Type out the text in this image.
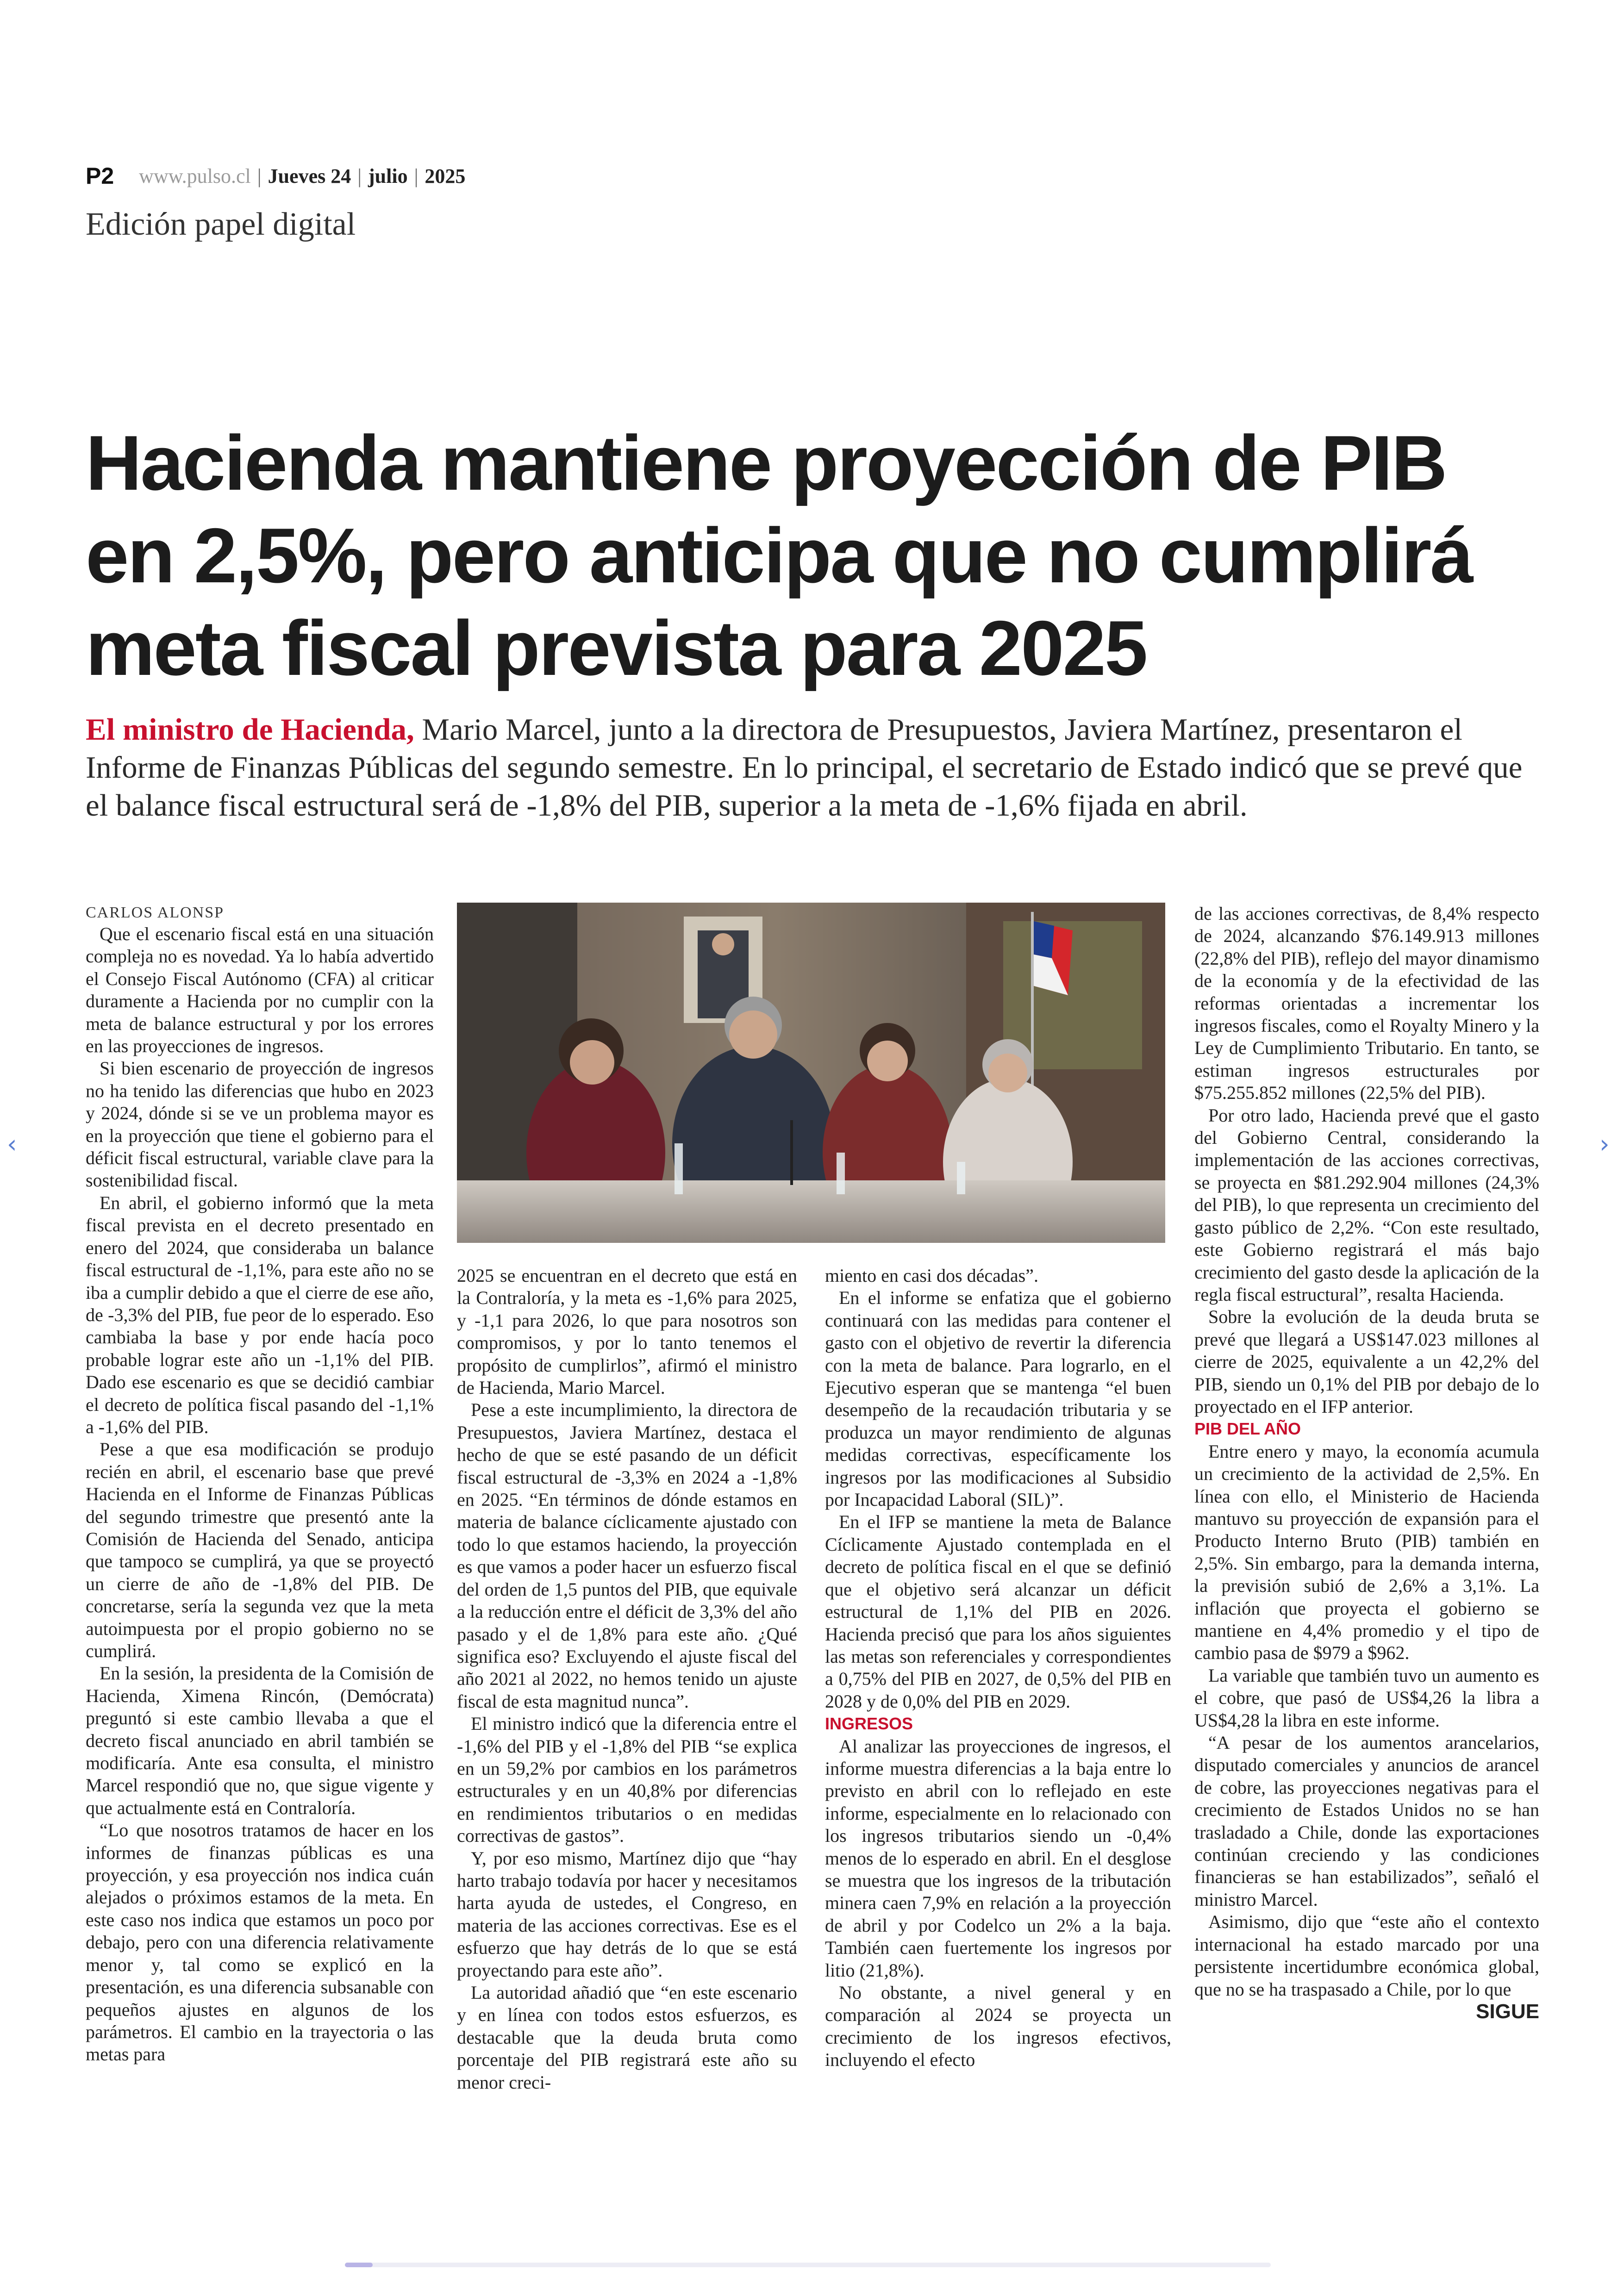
P2 www.pulso.cl | Jueves 24 | julio | 2025
Edición papel digital
Hacienda mantiene proyección de PIB en 2,5%, pero anticipa que no cumplirá meta fiscal prevista para 2025

El ministro de Hacienda, Mario Marcel, junto a la directora de Presupuestos, Javiera Martínez, presentaron el Informe de Finanzas Públicas del segundo semestre. En lo principal, el secretario de Estado indicó que se prevé que el balance fiscal estructural será de -1,8% del PIB, superior a la meta de -1,6% fijada en abril.

CARLOS ALONSP

Que el escenario fiscal está en una situación compleja no es novedad. Ya lo había advertido el Consejo Fiscal Autónomo (CFA) al criticar duramente a Hacienda por no cumplir con la meta de balance estructural y por los errores en las proyecciones de ingresos.

Si bien escenario de proyección de ingresos no ha tenido las diferencias que hubo en 2023 y 2024, dónde si se ve un problema mayor es en la proyección que tiene el gobierno para el déficit fiscal estructural, variable clave para la sostenibilidad fiscal.

En abril, el gobierno informó que la meta fiscal prevista en el decreto presentado en enero del 2024, que consideraba un balance fiscal estructural de -1,1%, para este año no se iba a cumplir debido a que el cierre de ese año, de -3,3% del PIB, fue peor de lo esperado. Eso cambiaba la base y por ende hacía poco probable lograr este año un -1,1% del PIB. Dado ese escenario es que se decidió cambiar el decreto de política fiscal pasando del -1,1% a -1,6% del PIB.

Pese a que esa modificación se produjo recién en abril, el escenario base que prevé Hacienda en el Informe de Finanzas Públicas del segundo trimestre que presentó ante la Comisión de Hacienda del Senado, anticipa que tampoco se cumplirá, ya que se proyectó un cierre de año de -1,8% del PIB. De concretarse, sería la segunda vez que la meta autoimpuesta por el propio gobierno no se cumplirá.

En la sesión, la presidenta de la Comisión de Hacienda, Ximena Rincón, (Demócrata) preguntó si este cambio llevaba a que el decreto fiscal anunciado en abril también se modificaría. Ante esa consulta, el ministro Marcel respondió que no, que sigue vigente y que actualmente está en Contraloría.

“Lo que nosotros tratamos de hacer en los informes de finanzas públicas es una proyección, y esa proyección nos indica cuán alejados o próximos estamos de la meta. En este caso nos indica que estamos un poco por debajo, pero con una diferencia relativamente menor y, tal como se explicó en la presentación, es una diferencia subsanable con pequeños ajustes en algunos de los parámetros. El cambio en la trayectoria o las metas para

2025 se encuentran en el decreto que está en la Contraloría, y la meta es -1,6% para 2025, y -1,1 para 2026, lo que para nosotros son compromisos, y por lo tanto tenemos el propósito de cumplirlos”, afirmó el ministro de Hacienda, Mario Marcel.

Pese a este incumplimiento, la directora de Presupuestos, Javiera Martínez, destaca el hecho de que se esté pasando de un déficit fiscal estructural de -3,3% en 2024 a -1,8% en 2025. “En términos de dónde estamos en materia de balance cíclicamente ajustado con todo lo que estamos haciendo, la proyección es que vamos a poder hacer un esfuerzo fiscal del orden de 1,5 puntos del PIB, que equivale a la reducción entre el déficit de 3,3% del año pasado y el de 1,8% para este año. ¿Qué significa eso? Excluyendo el ajuste fiscal del año 2021 al 2022, no hemos tenido un ajuste fiscal de esta magnitud nunca”.

El ministro indicó que la diferencia entre el -1,6% del PIB y el -1,8% del PIB “se explica en un 59,2% por cambios en los parámetros estructurales y en un 40,8% por diferencias en rendimientos tributarios o en medidas correctivas de gastos”.

Y, por eso mismo, Martínez dijo que “hay harto trabajo todavía por hacer y necesitamos harta ayuda de ustedes, el Congreso, en materia de las acciones correctivas. Ese es el esfuerzo que hay detrás de lo que se está proyectando para este año”.

La autoridad añadió que “en este escenario y en línea con todos estos esfuerzos, es destacable que la deuda bruta como porcentaje del PIB registrará este año su menor creci-

miento en casi dos décadas”.

En el informe se enfatiza que el gobierno continuará con las medidas para contener el gasto con el objetivo de revertir la diferencia con la meta de balance. Para lograrlo, en el Ejecutivo esperan que se mantenga “el buen desempeño de la recaudación tributaria y se produzca un mayor rendimiento de algunas medidas correctivas, específicamente los ingresos por las modificaciones al Subsidio por Incapacidad Laboral (SIL)”.

En el IFP se mantiene la meta de Balance Cíclicamente Ajustado contemplada en el decreto de política fiscal en el que se definió que el objetivo será alcanzar un déficit estructural de 1,1% del PIB en 2026. Hacienda precisó que para los años siguientes las metas son referenciales y correspondientes a 0,75% del PIB en 2027, de 0,5% del PIB en 2028 y de 0,0% del PIB en 2029.

INGRESOS

Al analizar las proyecciones de ingresos, el informe muestra diferencias a la baja entre lo previsto en abril con lo reflejado en este informe, especialmente en lo relacionado con los ingresos tributarios siendo un -0,4% menos de lo esperado en abril. En el desglose se muestra que los ingresos de la tributación minera caen 7,9% en relación a la proyección de abril y por Codelco un 2% a la baja. También caen fuertemente los ingresos por litio (21,8%).

No obstante, a nivel general y en comparación al 2024 se proyecta un crecimiento de los ingresos efectivos, incluyendo el efecto

de las acciones correctivas, de 8,4% respecto de 2024, alcanzando $76.149.913 millones (22,8% del PIB), reflejo del mayor dinamismo de la economía y de la efectividad de las reformas orientadas a incrementar los ingresos fiscales, como el Royalty Minero y la Ley de Cumplimiento Tributario. En tanto, se estiman ingresos estructurales por $75.255.852 millones (22,5% del PIB).

Por otro lado, Hacienda prevé que el gasto del Gobierno Central, considerando la implementación de las acciones correctivas, se proyecta en $81.292.904 millones (24,3% del PIB), lo que representa un crecimiento del gasto público de 2,2%. “Con este resultado, este Gobierno registrará el más bajo crecimiento del gasto desde la aplicación de la regla fiscal estructural”, resalta Hacienda.

Sobre la evolución de la deuda bruta se prevé que llegará a US$147.023 millones al cierre de 2025, equivalente a un 42,2% del PIB, siendo un 0,1% del PIB por debajo de lo proyectado en el IFP anterior.

PIB DEL AÑO

Entre enero y mayo, la economía acumula un crecimiento de la actividad de 2,5%. En línea con ello, el Ministerio de Hacienda mantuvo su proyección de expansión para el Producto Interno Bruto (PIB) también en 2,5%. Sin embargo, para la demanda interna, la previsión subió de 2,6% a 3,1%. La inflación que proyecta el gobierno se mantiene en 4,4% promedio y el tipo de cambio pasa de $979 a $962.

La variable que también tuvo un aumento es el cobre, que pasó de US$4,26 la libra a US$4,28 la libra en este informe.

“A pesar de los aumentos arancelarios, disputado comerciales y anuncios de arancel de cobre, las proyecciones negativas para el crecimiento de Estados Unidos no se han trasladado a Chile, donde las exportaciones continúan creciendo y las condiciones financieras se han estabilizados”, señaló el ministro Marcel.

Asimismo, dijo que “este año el contexto internacional ha estado marcado por una persistente incertidumbre económica global, que no se ha traspasado a Chile, por lo que

SIGUE

‹	›
